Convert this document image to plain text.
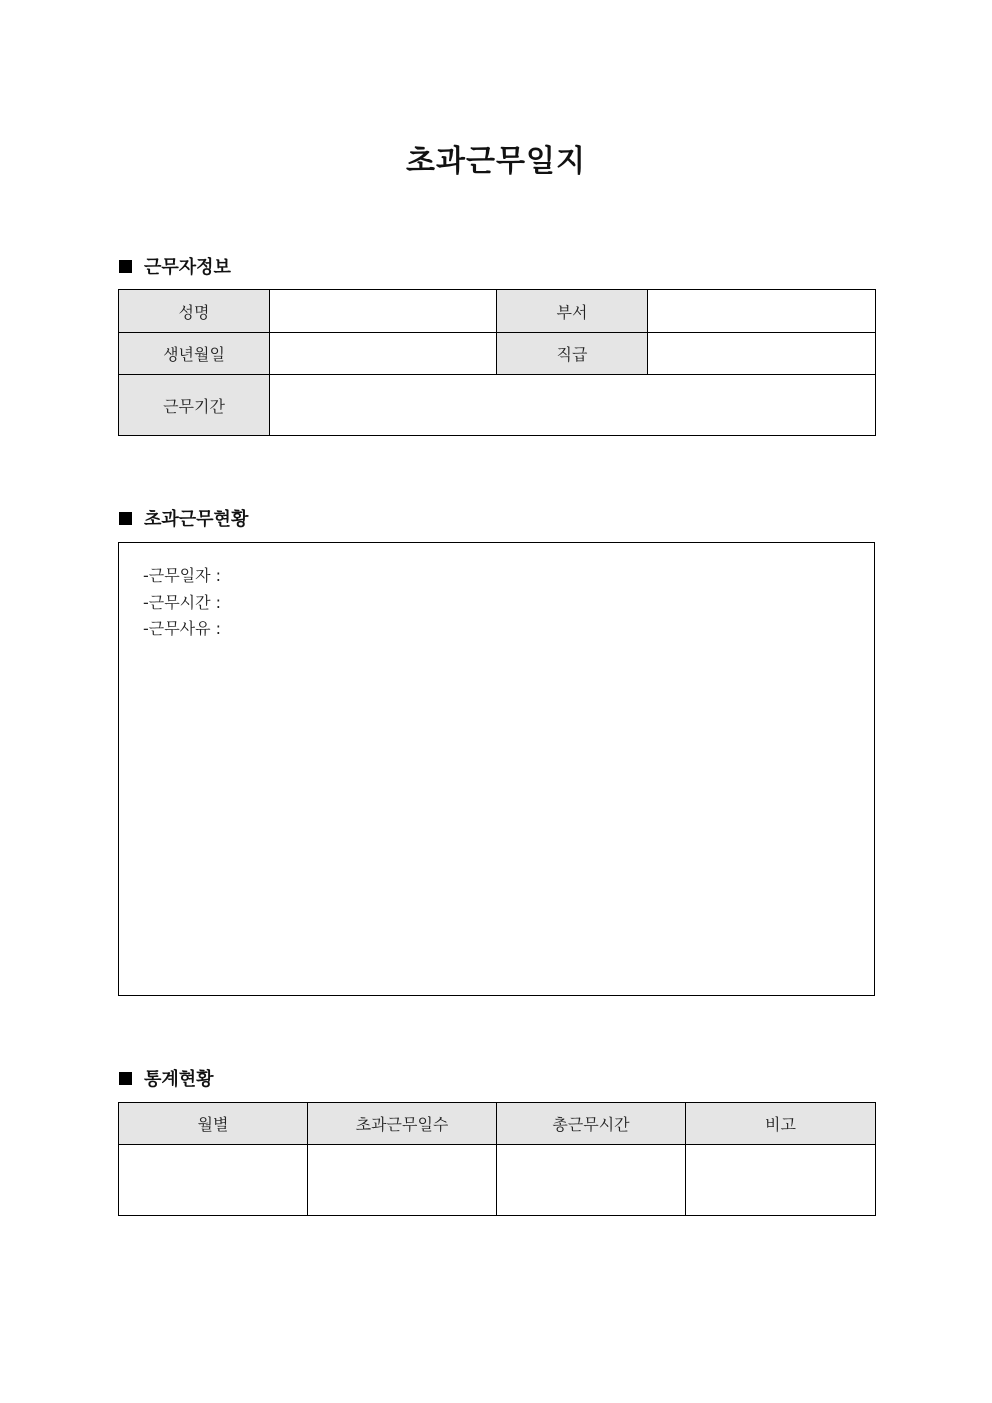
초과근무일지
근무자정보
성명		부서	
생년월일		직급	
근무기간			
초과근무현황
-근무일자 :
-근무시간 :
-근무사유 :
통계현황
월별	초과근무일수	총근무시간	비고
